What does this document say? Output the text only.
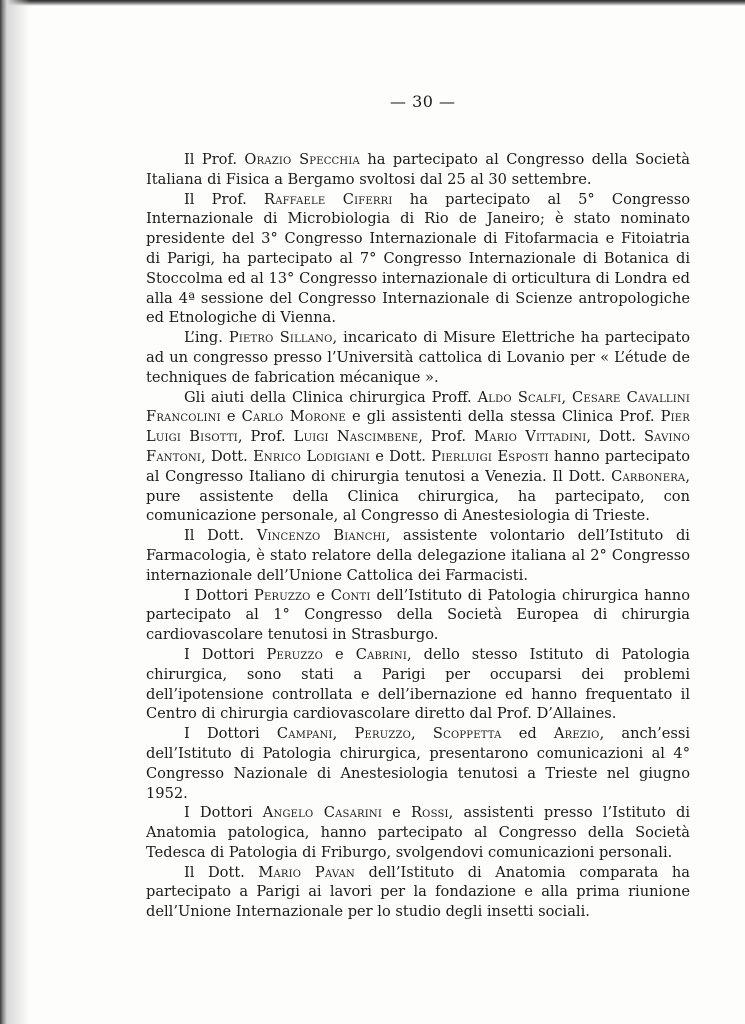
— 30 —

Il Prof. Orazio Specchia ha partecipato al Congresso della Società Italiana di Fisica a Bergamo svoltosi dal 25 al 30 settembre.

Il Prof. Raffaele Ciferri ha partecipato al 5° Congresso Internazionale di Microbiologia di Rio de Janeiro; è stato nominato presidente del 3° Congresso Internazionale di Fitofarmacia e Fitoiatria di Parigi, ha partecipato al 7° Congresso Internazionale di Botanica di Stoccolma ed al 13° Congresso internazionale di orticultura di Londra ed alla 4ª sessione del Congresso Internazionale di Scienze antropologiche ed Etnologiche di Vienna.

L’ing. Pietro Sillano, incaricato di Misure Elettriche ha partecipato ad un congresso presso l’Università cattolica di Lovanio per « L’étude de techniques de fabrication mécanique ».

Gli aiuti della Clinica chirurgica Proff. Aldo Scalfi, Cesare Cavallini Francolini e Carlo Morone e gli assistenti della stessa Clinica Prof. Pier Luigi Bisotti, Prof. Luigi Nascimbene, Prof. Mario Vittadini, Dott. Savino Fantoni, Dott. Enrico Lodigiani e Dott. Pierluigi Esposti hanno partecipato al Congresso Italiano di chirurgia tenutosi a Venezia. Il Dott. Carbonera, pure assistente della Clinica chirurgica, ha partecipato, con comunicazione personale, al Congresso di Anestesiologia di Trieste.

Il Dott. Vincenzo Bianchi, assistente volontario dell’Istituto di Farmacologia, è stato relatore della delegazione italiana al 2° Congresso internazionale dell’Unione Cattolica dei Farmacisti.

I Dottori Peruzzo e Conti dell’Istituto di Patologia chirurgica hanno partecipato al 1° Congresso della Società Europea di chirurgia cardiovascolare tenutosi in Strasburgo.

I Dottori Peruzzo e Cabrini, dello stesso Istituto di Patologia chirurgica, sono stati a Parigi per occuparsi dei problemi dell’ipotensione controllata e dell’ibernazione ed hanno frequentato il Centro di chirurgia cardiovascolare diretto dal Prof. D’Allaines.

I Dottori Campani, Peruzzo, Scoppetta ed Arezio, anch’essi dell’Istituto di Patologia chirurgica, presentarono comunicazioni al 4° Congresso Nazionale di Anestesiologia tenutosi a Trieste nel giugno 1952.

I Dottori Angelo Casarini e Rossi, assistenti presso l’Istituto di Anatomia patologica, hanno partecipato al Congresso della Società Tedesca di Patologia di Friburgo, svolgendovi comunicazioni personali.

Il Dott. Mario Pavan dell’Istituto di Anatomia comparata ha partecipato a Parigi ai lavori per la fondazione e alla prima riunione dell’Unione Internazionale per lo studio degli insetti sociali.
